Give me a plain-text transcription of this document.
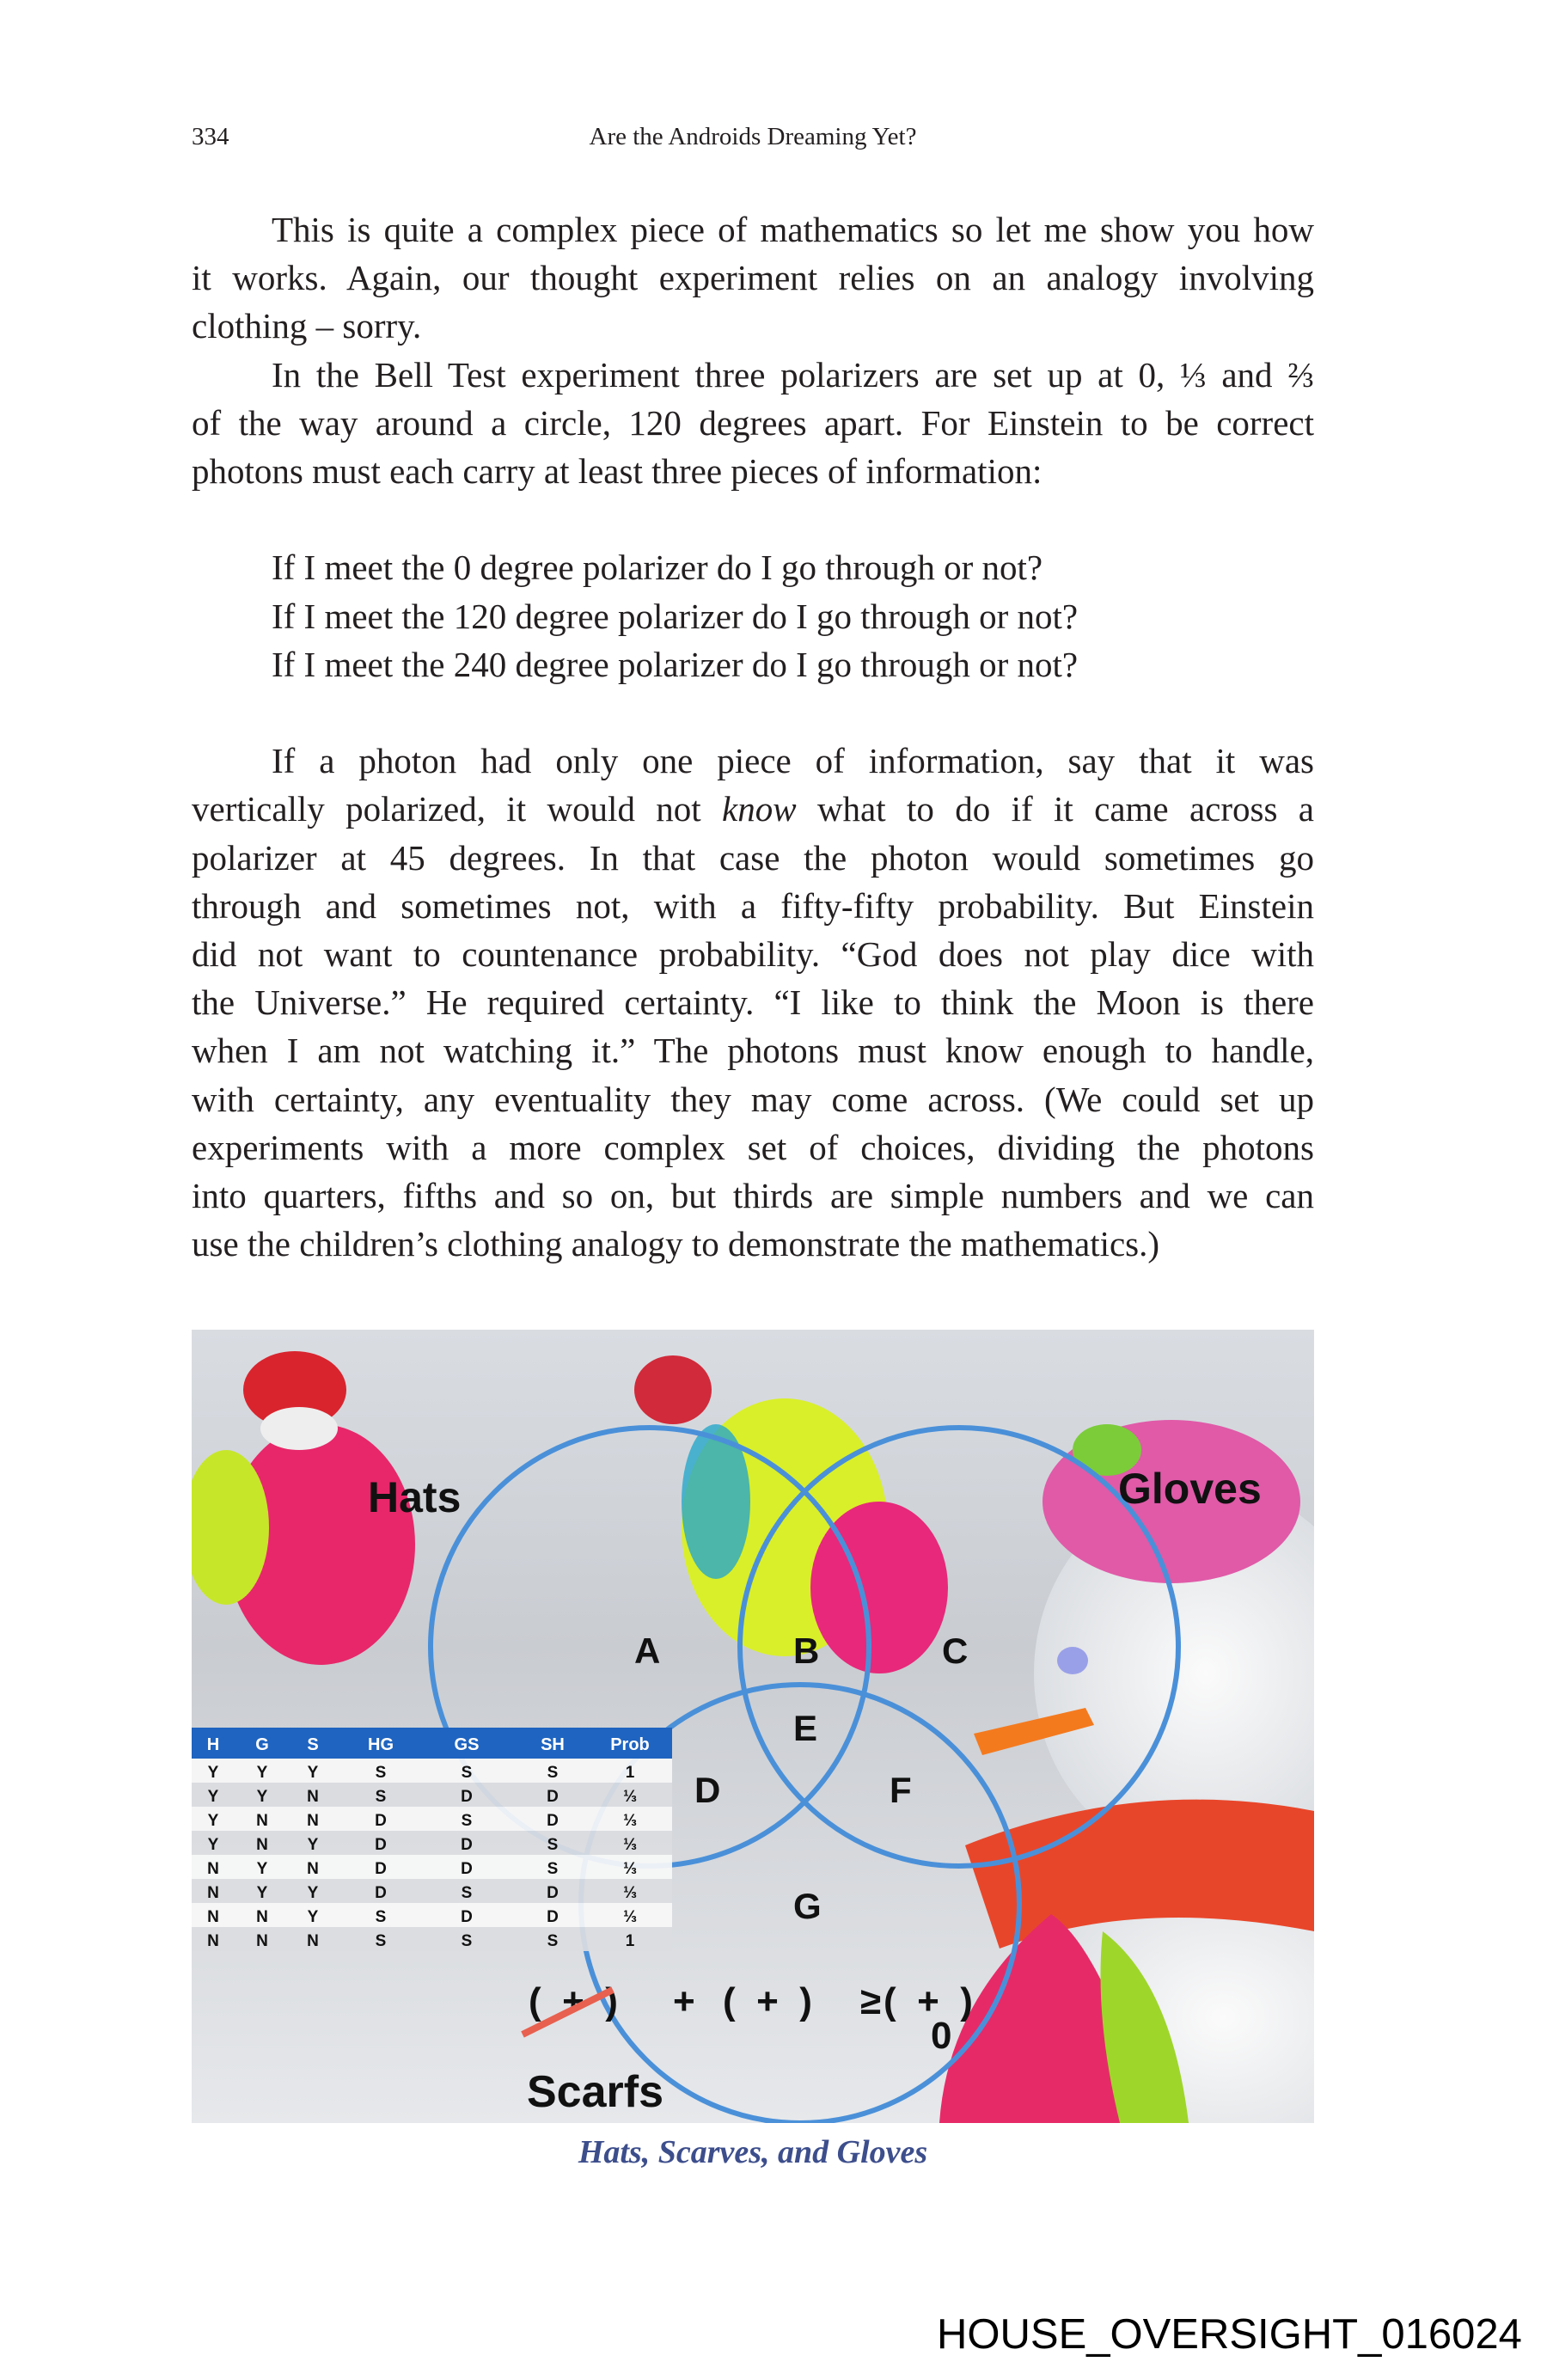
334	Are the Androids Dreaming Yet?
This is quite a complex piece of mathematics so let me show you how
it works. Again, our thought experiment relies on an analogy involving
clothing – sorry.
In the Bell Test experiment three polarizers are set up at 0, ⅓ and ⅔
of the way around a circle, 120 degrees apart. For Einstein to be correct
photons must each carry at least three pieces of information:
If I meet the 0 degree polarizer do I go through or not?
If I meet the 120 degree polarizer do I go through or not?
If I meet the 240 degree polarizer do I go through or not?
If a photon had only one piece of information, say that it was
vertically polarized, it would not know what to do if it came across a
polarizer at 45 degrees. In that case the photon would sometimes go
through and sometimes not, with a fifty-fifty probability. But Einstein
did not want to countenance probability. “God does not play dice with
the Universe.” He required certainty. “I like to think the Moon is there
when I am not watching it.” The photons must know enough to handle,
with certainty, any eventuality they may come across. (We could set up
experiments with a more complex set of choices, dividing the photons
into quarters, fifths and so on, but thirds are simple numbers and we can
use the children’s clothing analogy to demonstrate the mathematics.)
Hats	Gloves
Scarfs
A	B	C
E
D	F
G
(  +  ) + (  +  ) ≥ (  +  )
0
H G S	HG	GS	SH	Prob
Y Y Y	S	S	S	1
Y Y N	S	D	D	⅓
Y N N	D	S	D	⅓
Y N Y	D	D	S	⅓
N Y N	D	D	S	⅓
N Y Y	D	S	D	⅓
N N Y	S	D	D	⅓
N N N	S	S	S	1
Hats, Scarves, and Gloves
HOUSE_OVERSIGHT_016024
